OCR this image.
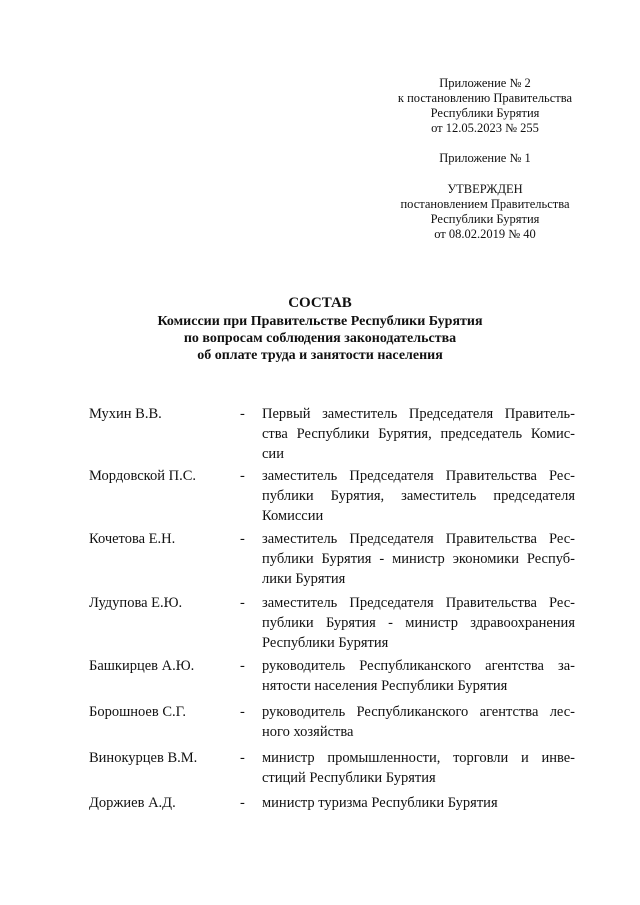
Приложение № 2
к постановлению Правительства
Республики Бурятия
от 12.05.2023 № 255
Приложение № 1
УТВЕРЖДЕН
постановлением Правительства
Республики Бурятия
от 08.02.2019 № 40
СОСТАВ
Комиссии при Правительстве Республики Бурятия
по вопросам соблюдения законодательства
об оплате труда и занятости населения
Мухин В.В.	- Первый заместитель Председателя Правитель-
ства Республики Бурятия, председатель Комис-
сии
Мордовской П.С.	- заместитель Председателя Правительства Рес-
публики Бурятия, заместитель председателя
Комиссии
Кочетова Е.Н.	- заместитель Председателя Правительства Рес-
публики Бурятия - министр экономики Респуб-
лики Бурятия
Лудупова Е.Ю.	- заместитель Председателя Правительства Рес-
публики Бурятия - министр здравоохранения
Республики Бурятия
Башкирцев А.Ю.	- руководитель Республиканского агентства за-
нятости населения Республики Бурятия
Борошноев С.Г.	- руководитель Республиканского агентства лес-
ного хозяйства
Винокурцев В.М.	- министр промышленности, торговли и инве-
стиций Республики Бурятия
Доржиев А.Д.	- министр туризма Республики Бурятия
